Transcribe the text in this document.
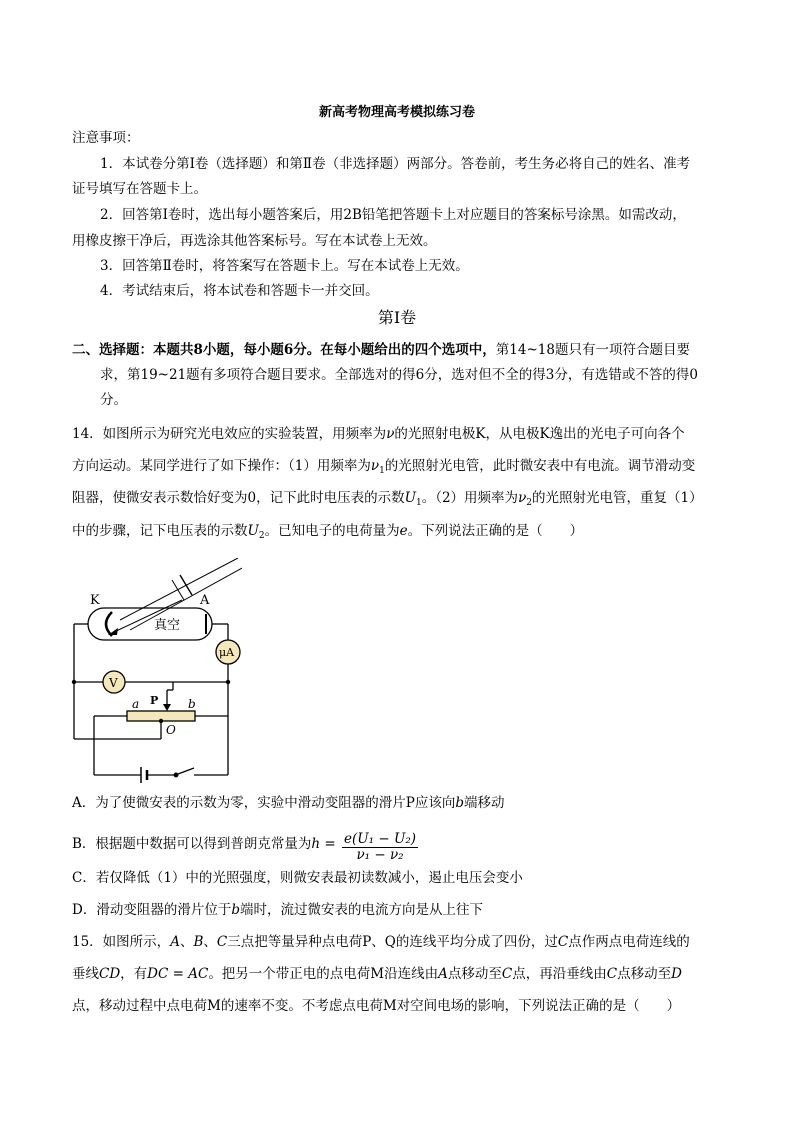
新高考物理高考模拟练习卷
注意事项：
1．本试卷分第Ⅰ卷（选择题）和第Ⅱ卷（非选择题）两部分。答卷前，考生务必将自己的姓名、准考
证号填写在答题卡上。
2．回答第Ⅰ卷时，选出每小题答案后，用2B铅笔把答题卡上对应题目的答案标号涂黑。如需改动，
用橡皮擦干净后，再选涂其他答案标号。写在本试卷上无效。
3．回答第Ⅱ卷时，将答案写在答题卡上。写在本试卷上无效。
4．考试结束后，将本试卷和答题卡一并交回。
第Ⅰ卷
二、选择题：本题共8小题，每小题6分。在每小题给出的四个选项中，第14~18题只有一项符合题目要
求，第19~21题有多项符合题目要求。全部选对的得6分，选对但不全的得3分，有选错或不答的得0
分。
14．如图所示为研究光电效应的实验装置，用频率为ν的光照射电极K，从电极K逸出的光电子可向各个
方向运动。某同学进行了如下操作：（1）用频率为$\nu_1$的光照射光电管，此时微安表中有电流。调节滑动变
阻器，使微安表示数恰好变为0，记下此时电压表的示数$U_1$。（2）用频率为$\nu_2$的光照射光电管，重复（1）
中的步骤，记下电压表的示数$U_2$。已知电子的电荷量为e。下列说法正确的是（　　）
K	A
真空
μA
V
P
a	b
O
A．为了使微安表的示数为零，实验中滑动变阻器的滑片P应该向b端移动
B．根据题中数据可以得到普朗克常量为$h = \frac{\text{e(U₁ − U₂)}}{\text{ν₁ − ν₂}}$
C．若仅降低（1）中的光照强度，则微安表最初读数减小，遏止电压会变小
D．滑动变阻器的滑片位于b端时，流过微安表的电流方向是从上往下
15．如图所示，A、B、C三点把等量异种点电荷P、Q的连线平均分成了四份，过C点作两点电荷连线的
垂线CD，有DC = AC。把另一个带正电的点电荷M沿连线由A点移动至C点，再沿垂线由C点移动至D
点，移动过程中点电荷M的速率不变。不考虑点电荷M对空间电场的影响，下列说法正确的是（　　）
